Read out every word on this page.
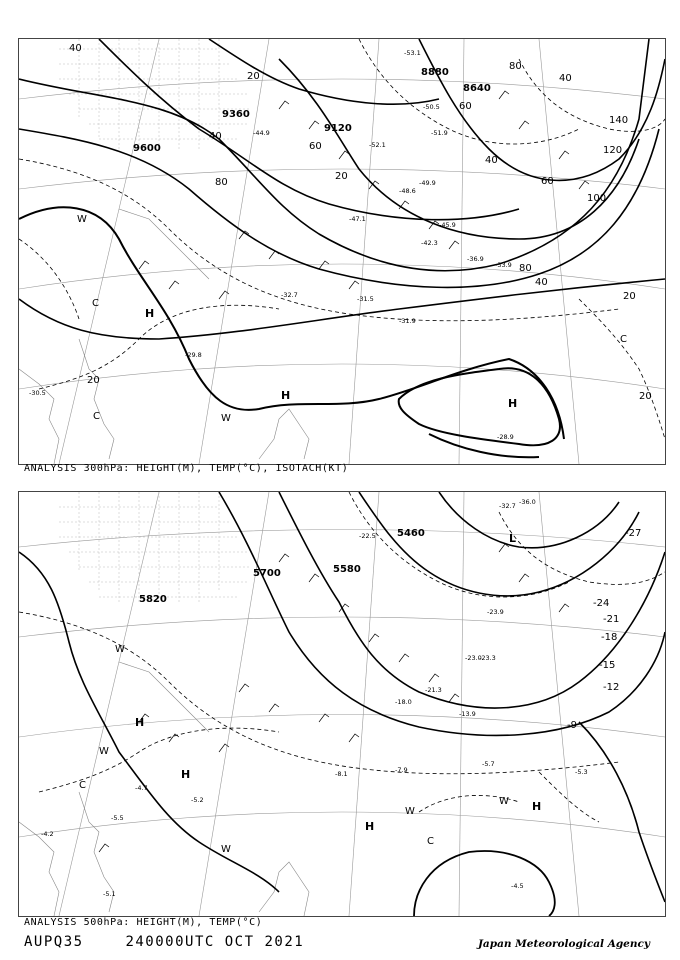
8880
8640
9360
9120
9600
40
20
40
60
40
60
80
80
100
120
140
40
20
20
20
20
40
60
80
-53.1
-50.5
-51.9
-49.9
-48.6
-47.1
-45.9
-42.3
-36.9
-33.9
-32.7	-31.5
-31.9
-29.8
-30.5
-28.9
-44.9
-52.1
H
H
H
C
C
C
W
W
ANALYSIS 300hPa: HEIGHT(M), TEMP(°C), ISOTACH(KT)
5460
5580
5700
5820
-27
-24
-21
-18
-15
-12
-9
-36.0
-32.7
-23.9
-23.0
-21.3
-18.0
-13.9
-8.1	-7.9
-5.7
-5.3
-4.5
-5.1
-4.2
-5.5
-4.7
-5.2
-22.5
-23.3
L
H
H
H
H
W
W
W
W
W
C
C
ANALYSIS 500hPa: HEIGHT(M), TEMP(°C)
AUPQ35	240000UTC OCT 2021	Japan Meteorological Agency
